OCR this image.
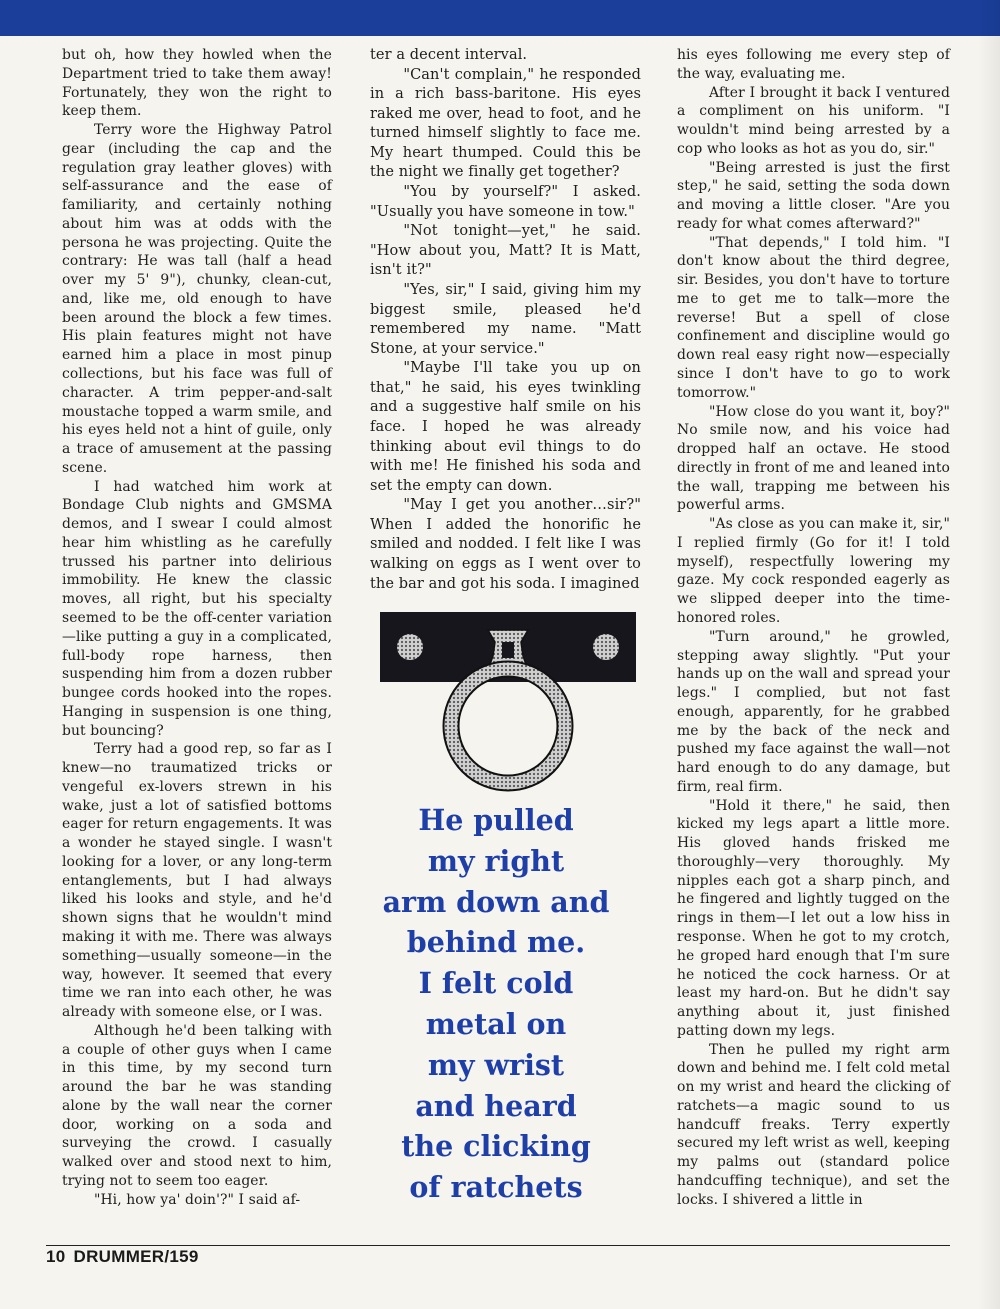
but oh, how they howled when the Department tried to take them away! Fortunately, they won the right to keep them.

Terry wore the Highway Patrol gear (including the cap and the regulation gray leather gloves) with self-assurance and the ease of familiarity, and certainly nothing about him was at odds with the persona he was projecting. Quite the contrary: He was tall (half a head over my 5' 9"), chunky, clean-cut, and, like me, old enough to have been around the block a few times. His plain features might not have earned him a place in most pinup collections, but his face was full of character. A trim pepper-and-salt moustache topped a warm smile, and his eyes held not a hint of guile, only a trace of amusement at the passing scene.

I had watched him work at Bondage Club nights and GMSMA demos, and I swear I could almost hear him whistling as he carefully trussed his partner into delirious immobility. He knew the classic moves, all right, but his specialty seemed to be the off-center variation—like putting a guy in a complicated, full-body rope harness, then suspending him from a dozen rubber bungee cords hooked into the ropes. Hanging in suspension is one thing, but bouncing?

Terry had a good rep, so far as I knew—no traumatized tricks or vengeful ex-lovers strewn in his wake, just a lot of satisfied bottoms eager for return engagements. It was a wonder he stayed single. I wasn't looking for a lover, or any long-term entanglements, but I had always liked his looks and style, and he'd shown signs that he wouldn't mind making it with me. There was always something—usually someone—in the way, however. It seemed that every time we ran into each other, he was already with someone else, or I was.

Although he'd been talking with a couple of other guys when I came in this time, by my second turn around the bar he was standing alone by the wall near the corner door, working on a soda and surveying the crowd. I casually walked over and stood next to him, trying not to seem too eager.

"Hi, how ya' doin'?" I said af-

ter a decent interval.

"Can't complain," he responded in a rich bass-baritone. His eyes raked me over, head to foot, and he turned himself slightly to face me. My heart thumped. Could this be the night we finally get together?

"You by yourself?" I asked. "Usually you have someone in tow."

"Not tonight—yet," he said. "How about you, Matt? It is Matt, isn't it?"

"Yes, sir," I said, giving him my biggest smile, pleased he'd remembered my name. "Matt Stone, at your service."

"Maybe I'll take you up on that," he said, his eyes twinkling and a suggestive half smile on his face. I hoped he was already thinking about evil things to do with me! He finished his soda and set the empty can down.

"May I get you another…sir?" When I added the honorific he smiled and nodded. I felt like I was walking on eggs as I went over to the bar and got his soda. I imagined

He pulled
my right
arm down and
behind me.
I felt cold
metal on
my wrist
and heard
the clicking
of ratchets

his eyes following me every step of the way, evaluating me.

After I brought it back I ventured a compliment on his uniform. "I wouldn't mind being arrested by a cop who looks as hot as you do, sir."

"Being arrested is just the first step," he said, setting the soda down and moving a little closer. "Are you ready for what comes afterward?"

"That depends," I told him. "I don't know about the third degree, sir. Besides, you don't have to torture me to get me to talk—more the reverse! But a spell of close confinement and discipline would go down real easy right now—especially since I don't have to go to work tomorrow."

"How close do you want it, boy?" No smile now, and his voice had dropped half an octave. He stood directly in front of me and leaned into the wall, trapping me between his powerful arms.

"As close as you can make it, sir," I replied firmly (Go for it! I told myself), respectfully lowering my gaze. My cock responded eagerly as we slipped deeper into the time-honored roles.

"Turn around," he growled, stepping away slightly. "Put your hands up on the wall and spread your legs." I complied, but not fast enough, apparently, for he grabbed me by the back of the neck and pushed my face against the wall—not hard enough to do any damage, but firm, real firm.

"Hold it there," he said, then kicked my legs apart a little more. His gloved hands frisked me thoroughly—very thoroughly. My nipples each got a sharp pinch, and he fingered and lightly tugged on the rings in them—I let out a low hiss in response. When he got to my crotch, he groped hard enough that I'm sure he noticed the cock harness. Or at least my hard-on. But he didn't say anything about it, just finished patting down my legs.

Then he pulled my right arm down and behind me. I felt cold metal on my wrist and heard the clicking of ratchets—a magic sound to us handcuff freaks. Terry expertly secured my left wrist as well, keeping my palms out (standard police handcuffing technique), and set the locks. I shivered a little in

10 DRUMMER/159
